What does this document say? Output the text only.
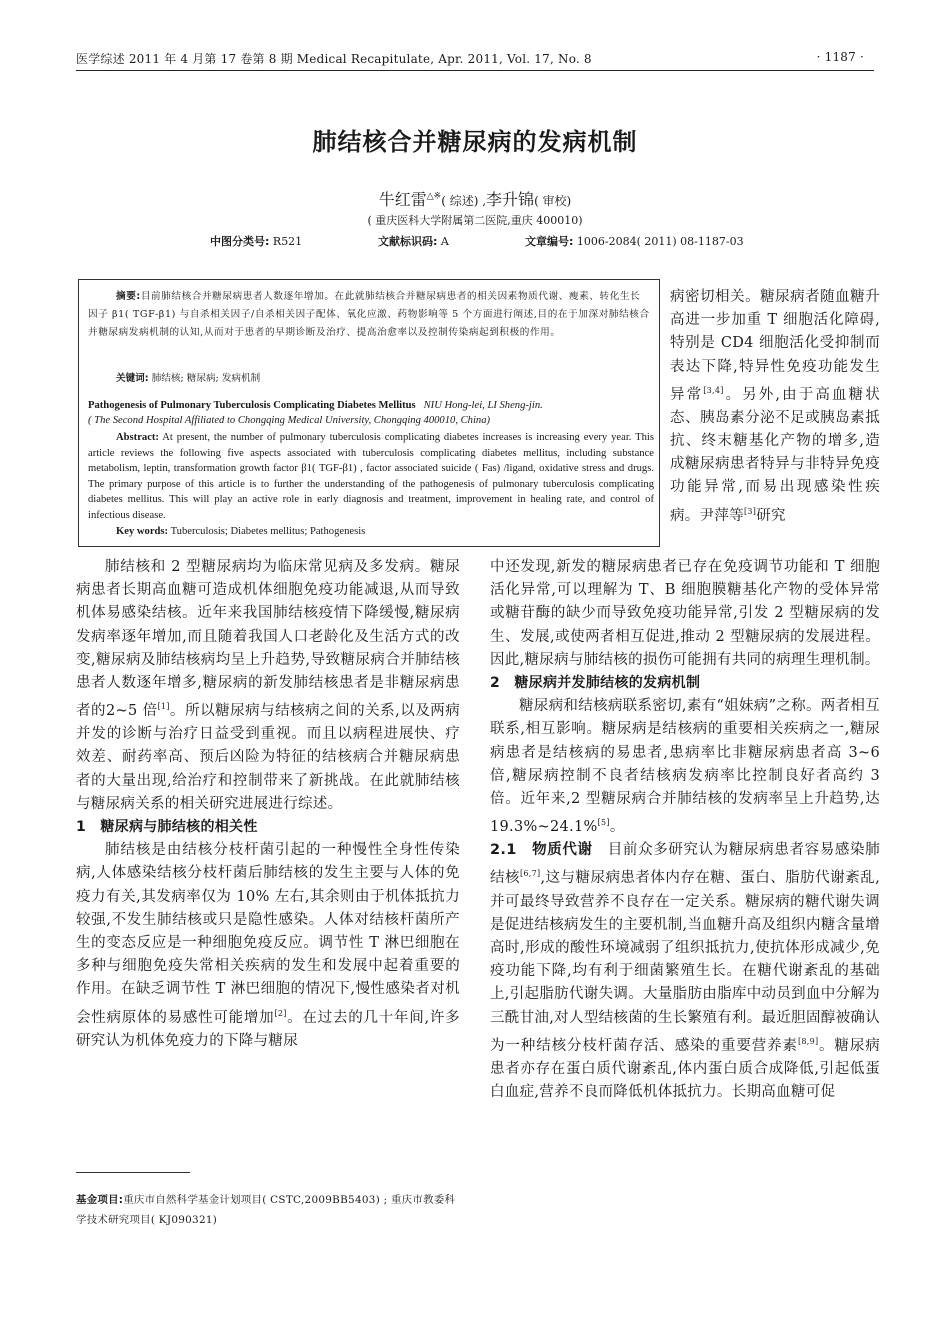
医学综述 2011 年 4 月第 17 卷第 8 期 Medical Recapitulate, Apr. 2011, Vol. 17, No. 8	· 1187 ·
肺结核合并糖尿病的发病机制
牛红雷△※( 综述) ,李升锦( 审校)
( 重庆医科大学附属第二医院,重庆 400010)
中图分类号: R521	文献标识码: A	文章编号: 1006-2084( 2011) 08-1187-03
摘要:目前肺结核合并糖尿病患者人数逐年增加。在此就肺结核合并糖尿病患者的相关因素物质代谢、瘦素、转化生长因子 β1( TGF-β1) 与自杀相关因子/自杀相关因子配体、氧化应激、药物影响等 5 个方面进行阐述,目的在于加深对肺结核合并糖尿病发病机制的认知,从而对于患者的早期诊断及治疗、提高治愈率以及控制传染病起到积极的作用。
关键词: 肺结核; 糖尿病; 发病机制
Pathogenesis of Pulmonary Tuberculosis Complicating Diabetes Mellitus NIU Hong-lei, LI Sheng-jin.
( The Second Hospital Affiliated to Chongqing Medical University, Chongqing 400010, China)
Abstract: At present, the number of pulmonary tuberculosis complicating diabetes increases is increasing every year. This article reviews the following five aspects associated with tuberculosis complicating diabetes mellitus, including substance metabolism, leptin, transformation growth factor β1( TGF-β1) , factor associated suicide ( Fas) /ligand, oxidative stress and drugs. The primary purpose of this article is to further the understanding of the pathogenesis of pulmonary tuberculosis complicating diabetes mellitus. This will play an active role in early diagnosis and treatment, improvement in healing rate, and control of infectious disease.
Key words: Tuberculosis; Diabetes mellitus; Pathogenesis

病密切相关。糖尿病者随血糖升高进一步加重 T 细胞活化障碍,特别是 CD4 细胞活化受抑制而表达下降,特异性免疫功能发生异常[3,4]。另外,由于高血糖状态、胰岛素分泌不足或胰岛素抵抗、终末糖基化产物的增多,造成糖尿病患者特异与非特异免疫功能异常,而易出现感染性疾病。尹萍等[3]研究

肺结核和 2 型糖尿病均为临床常见病及多发病。糖尿病患者长期高血糖可造成机体细胞免疫功能减退,从而导致机体易感染结核。近年来我国肺结核疫情下降缓慢,糖尿病发病率逐年增加,而且随着我国人口老龄化及生活方式的改变,糖尿病及肺结核病均呈上升趋势,导致糖尿病合并肺结核患者人数逐年增多,糖尿病的新发肺结核患者是非糖尿病患者的2~5 倍[1]。所以糖尿病与结核病之间的关系,以及两病并发的诊断与治疗日益受到重视。而且以病程进展快、疗效差、耐药率高、预后凶险为特征的结核病合并糖尿病患者的大量出现,给治疗和控制带来了新挑战。在此就肺结核与糖尿病关系的相关研究进展进行综述。

1　糖尿病与肺结核的相关性

肺结核是由结核分枝杆菌引起的一种慢性全身性传染病,人体感染结核分枝杆菌后肺结核的发生主要与人体的免疫力有关,其发病率仅为 10% 左右,其余则由于机体抵抗力较强,不发生肺结核或只是隐性感染。人体对结核杆菌所产生的变态反应是一种细胞免疫反应。调节性 T 淋巴细胞在多种与细胞免疫失常相关疾病的发生和发展中起着重要的作用。在缺乏调节性 T 淋巴细胞的情况下,慢性感染者对机会性病原体的易感性可能增加[2]。在过去的几十年间,许多研究认为机体免疫力的下降与糖尿

中还发现,新发的糖尿病患者已存在免疫调节功能和 T 细胞活化异常,可以理解为 T、B 细胞膜糖基化产物的受体异常或糖苷酶的缺少而导致免疫功能异常,引发 2 型糖尿病的发生、发展,或使两者相互促进,推动 2 型糖尿病的发展进程。因此,糖尿病与肺结核的损伤可能拥有共同的病理生理机制。

2　糖尿病并发肺结核的发病机制

糖尿病和结核病联系密切,素有“姐妹病”之称。两者相互联系,相互影响。糖尿病是结核病的重要相关疾病之一,糖尿病患者是结核病的易患者,患病率比非糖尿病患者高 3~6 倍,糖尿病控制不良者结核病发病率比控制良好者高约 3 倍。近年来,2 型糖尿病合并肺结核的发病率呈上升趋势,达 19.3%~24.1%[5]。

2.1　物质代谢　目前众多研究认为糖尿病患者容易感染肺结核[6,7],这与糖尿病患者体内存在糖、蛋白、脂肪代谢紊乱,并可最终导致营养不良存在一定关系。糖尿病的糖代谢失调是促进结核病发生的主要机制,当血糖升高及组织内糖含量增高时,形成的酸性环境减弱了组织抵抗力,使抗体形成减少,免疫功能下降,均有利于细菌繁殖生长。在糖代谢紊乱的基础上,引起脂肪代谢失调。大量脂肪由脂库中动员到血中分解为三酰甘油,对人型结核菌的生长繁殖有利。最近胆固醇被确认为一种结核分枝杆菌存活、感染的重要营养素[8,9]。糖尿病患者亦存在蛋白质代谢紊乱,体内蛋白质合成降低,引起低蛋白血症,营养不良而降低机体抵抗力。长期高血糖可促

基金项目:重庆市自然科学基金计划项目( CSTC,2009BB5403) ; 重庆市教委科学技术研究项目( KJ090321)
